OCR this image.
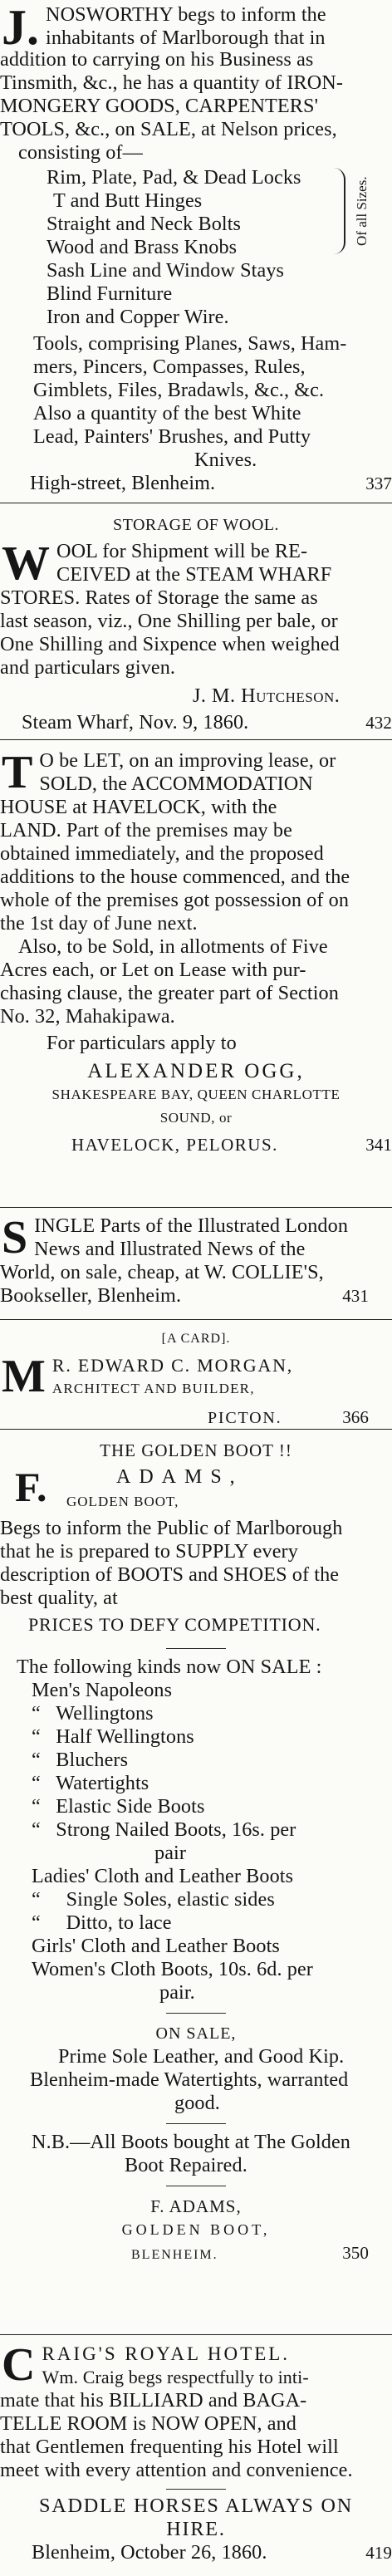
J. NOSWORTHY begs to inform the

inhabitants of Marlborough that in

addition to carrying on his Business as

Tinsmith, &c., he has a quantity of IRON-

MONGERY GOODS, CARPENTERS'

TOOLS, &c., on SALE, at Nelson prices,

consisting of—

Rim, Plate, Pad, & Dead Locks

T and Butt Hinges

Straight and Neck Bolts

Wood and Brass Knobs

Sash Line and Window Stays

Blind Furniture

Iron and Copper Wire.

Of all Sizes.

Tools, comprising Planes, Saws, Ham-

mers, Pincers, Compasses, Rules,

Gimblets, Files, Bradawls, &c., &c.

Also a quantity of the best White

Lead, Painters' Brushes, and Putty

Knives.

High-street, Blenheim.	337

STORAGE OF WOOL.

W OOL for Shipment will be RE-

CEIVED at the STEAM WHARF

STORES. Rates of Storage the same as

last season, viz., One Shilling per bale, or

One Shilling and Sixpence when weighed

and particulars given.

J. M. Hutcheson.

Steam Wharf, Nov. 9, 1860.	432
T O be LET, on an improving lease, or

SOLD, the ACCOMMODATION

HOUSE at HAVELOCK, with the

LAND. Part of the premises may be

obtained immediately, and the proposed

additions to the house commenced, and the

whole of the premises got possession of on

the 1st day of June next.

Also, to be Sold, in allotments of Five

Acres each, or Let on Lease with pur-

chasing clause, the greater part of Section

No. 32, Mahakipawa.

For particulars apply to

ALEXANDER OGG,

SHAKESPEARE BAY, QUEEN CHARLOTTE

SOUND, or

HAVELOCK, PELORUS.	341
S INGLE Parts of the Illustrated London

News and Illustrated News of the

World, on sale, cheap, at W. COLLIE'S,

Bookseller, Blenheim.	431

[A CARD].

M R. EDWARD C. MORGAN,

ARCHITECT AND BUILDER,

PICTON.	366

THE GOLDEN BOOT !!

F.	ADAMS,
GOLDEN BOOT,

Begs to inform the Public of Marlborough

that he is prepared to SUPPLY every

description of BOOTS and SHOES of the

best quality, at

PRICES TO DEFY COMPETITION.

The following kinds now ON SALE :

Men's Napoleons

“ Wellingtons

“ Half Wellingtons

“ Bluchers

“ Watertights

“ Elastic Side Boots

“ Strong Nailed Boots, 16s. per

pair

Ladies' Cloth and Leather Boots

“ Single Soles, elastic sides

“ Ditto, to lace

Girls' Cloth and Leather Boots

Women's Cloth Boots, 10s. 6d. per

pair.

ON SALE,

Prime Sole Leather, and Good Kip.

Blenheim-made Watertights, warranted

good.

N.B.—All Boots bought at The Golden

Boot Repaired.

F. ADAMS,

GOLDEN BOOT,

BLENHEIM.	350
C RAIG'S ROYAL HOTEL.

Wm. Craig begs respectfully to inti-

mate that his BILLIARD and BAGA-

TELLE ROOM is NOW OPEN, and

that Gentlemen frequenting his Hotel will

meet with every attention and convenience.

SADDLE HORSES ALWAYS ON

HIRE.

Blenheim, October 26, 1860.	419
